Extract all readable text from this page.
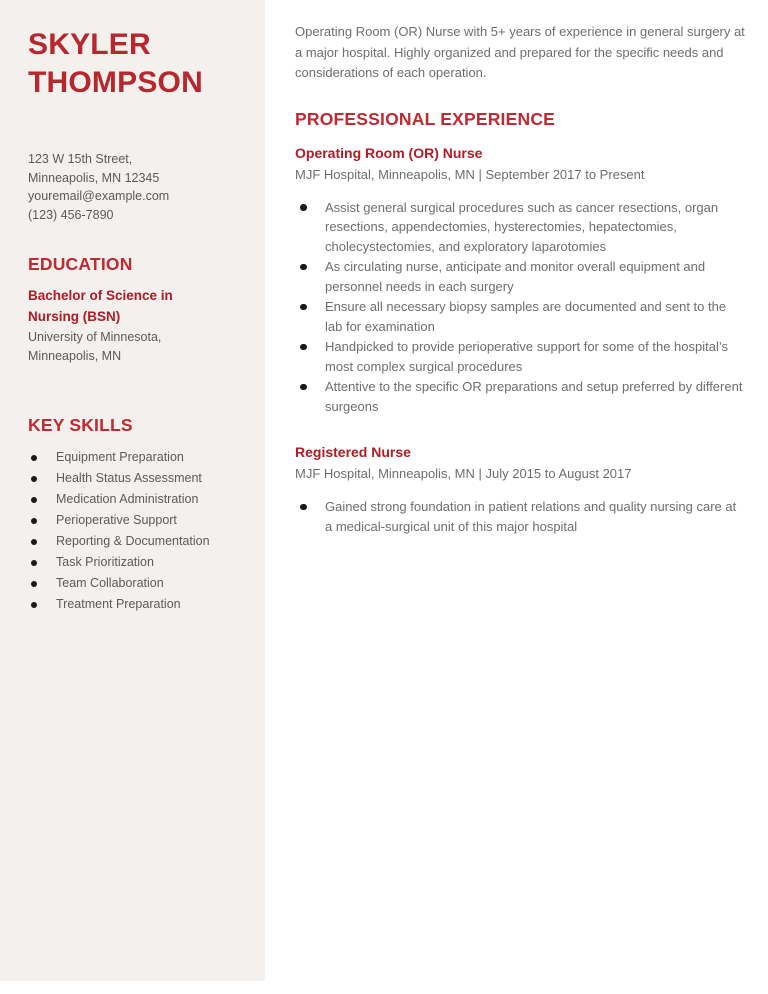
SKYLER
THOMPSON
123 W 15th Street,
Minneapolis, MN 12345
youremail@example.com
(123) 456-7890
EDUCATION
Bachelor of Science in
Nursing (BSN)
University of Minnesota,
Minneapolis, MN
KEY SKILLS
Equipment Preparation
Health Status Assessment
Medication Administration
Perioperative Support
Reporting & Documentation
Task Prioritization
Team Collaboration
Treatment Preparation

Operating Room (OR) Nurse with 5+ years of experience in general surgery at a major hospital. Highly organized and prepared for the specific needs and considerations of each operation.

PROFESSIONAL EXPERIENCE
Operating Room (OR) Nurse
MJF Hospital, Minneapolis, MN | September 2017 to Present
Assist general surgical procedures such as cancer resections, organ resections, appendectomies, hysterectomies, hepatectomies, cholecystectomies, and exploratory laparotomies
As circulating nurse, anticipate and monitor overall equipment and personnel needs in each surgery
Ensure all necessary biopsy samples are documented and sent to the lab for examination
Handpicked to provide perioperative support for some of the hospital’s most complex surgical procedures
Attentive to the specific OR preparations and setup preferred by different surgeons
Registered Nurse
MJF Hospital, Minneapolis, MN | July 2015 to August 2017
Gained strong foundation in patient relations and quality nursing care at a medical-surgical unit of this major hospital
